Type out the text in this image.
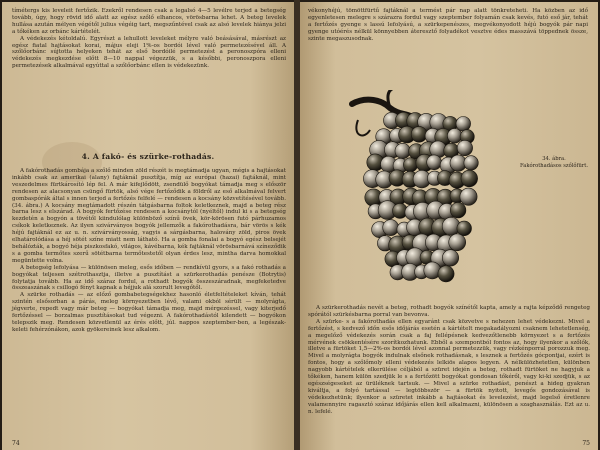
tímétergs kis leveleit fertőzik. Ezekről rendesen csak a legalsó 4—5 levélre terjed a betegség tovább, úgy, hogy rövid idő alatt az egész szőlő elhancos, vörösbarna lehet. A beteg levelek hullása azután mélyen végétől julius végéig tart, megszűntével csak az alsó levelek hiánya jelzi a tőkéken az orbánc kártételét.

A védekezés kétoldalú. Egyrészt a lehullott leveleket mélyre való beásásával, másrészt az egész fiatal hajtásokat korai, május eleji 1%-os bordói lével való permetezésével áll. A szőlőorbánc sújtotta helyeken tehát az első bordóilé permetezést a peronoszpóra elleni védekezés megkezdése előtt 8—10 nappal végezzük, s a későbbi, peronoszpora elleni permetezések alkalmával egyúttal a szőlőorbánc ellen is védekezünk.

4. A fakó- és szürke-rothadás.

A fakórothadás gombája a szőlő minden zöld részét is megtámadja ugyan, mégis a hajtásokat inkább csak az amerikai (alany) fajtáknál pusztítja, míg az európai (hazai) fajtáknál, mint veszedelmes fürtkárosító lép fel. A már kifejlődött, zsendülő bogyókat támadja meg s először rendesen az alacsonyan csüngő fürtök, alsó vége fertőződik a földről az eső alkalmával felvert gombaspórák által s innen terjed a fertőzés felfelé — rendesen a kocsány közvetítésével tovább. (34. ábra.) A kocsány megtámadott részén tátgásbarna foltok keletkeznek, majd a beteg rész barna lesz s elszárad. A bogyók fertőzése rendesen a kocsánytól (nyéltől) indul ki s a betegség kezdetén a bogyón a tövétől kiindulólag különböző színű övek, kör-körösen futó párhuzamos csíkok keletkeznek. Az ilyen szivárványos bogyók jellemzők a fakórothadásra, bár vörös s kék héjú fajtáknál ez az u. n. szivárványosság, vagyis a sárgásbarna, halovány zöld, piros övek elhatárolódása a héj sötét színe miatt nem látható. Ha a gomba fonalai a bogyó egész belsejét behálózták, a bogyó héja piszkosfakó, világos, kávébarna, kék fajtáknál vörösbarnává színeződik s a gomba termőtes szerű sötétbarna termőtestetől olyan érdes lesz, mintha darva homokkal megüntette volna.

A betegség lefolyása — különösen meleg, esős időben — rendkívül gyors, s a fakó rothadás a bogyókat teljesen szétrothasztja, illetve a pusztítást a szürkerothadás penésze (Botrytis) folytatja tovább. Ha az idő száraz fordul, a rothadt bogyók összeszáradnak, megfeketedve összeaszának s csillogó fényt kapnak a héjjuk alá szorult levegőtől.

A szürke rothadás — az előző gombabetegségekhez hasonló életfeltételeket kíván, tehát szintén elsősorban a párás, meleg környezetben lévő, valami okból sérült — molyrágta, jégverte, repedt vagy már beteg — bogyókat támadja meg, majd mérgezéssel, vagy kiterjedő fertőzéssel — borzalmas pusztításokat tud végezni. A fakórothadástól kilendett — bogyókon telepszik meg. Rendesen közvetlenül az érés előtt, júl. nappos szeptember-ben, a legészak-keleti fehérzónákon, azok gyökereinek lesz alkalom.

74

vékonyhéjú, tömöttfürtű fajtáknál a termést pár nap alatt tönkreteheti. Ha közben az idő egyenletesen melegre s szárazra fordul vagy szeptember folyamán csak kevés, futó eső jár, tehát a fertőzés gyenge s lassú lefolyású, a szürkepenészes, megvékonyodott héjú bogyók pár napi gyenge utóérés nélkül könnyebben áteresztő folyadékot vesztve édes masszává töppednek össze, szinte megaszusodnak.

34. ábra.
Fakórothadásos szőlőfürt.

A szürkerothadás nevét a beteg, rothadt bogyók színétől kapta, amely a rajta képződő rengeteg spórától szürkésbarna porral van bevonva.

A szürke- s a fakórothadás ellen egyaránt csak közvetve s nehezen lehet védekezni. Mivel a fertőzést, s kedvező időn esős időjárás esetén a kártételt megakadályozni csaknem lehetetlenség, a megelőző védekezés során csak a faj fellépésnek kedvezőtlenebb környezet s a fertőzés mérvének csökkentésére szorítkozhatunk. Ebből a szempontból fontos az, hogy ilyenkor a szőlők, illetve a fürtöket 1,5—2%-os bordói lével azonnal permetezzük, vagy rézkénporral porozzuk meg. Mivel a molyrágta bogyók indulnak elsőnek rothadásnak, s lesznek a fertőzés gócpontjai, ezért is fontos, hogy a szőlőmoly elleni védekezés lelkiös alapos legyen. A nélkülözhetetlen, különben nagyobb kártételek elkerülése céljából a szüret idején a beteg, rothadt fürtöket ne hagyjuk a tőkéken, hanem külön szedjük le s a fertőzött bogyókat gondosan tőkéről, vagy ki-ki szedjük, s az egészségeseket az ürüléknek tartsuk. — Mivel a szürke rothadást, penészt a hideg gyakran kiváltja, a folyó tartással — legtöbbször — a fürtök nyitott, levegős gondozásával is védekezhetünk; ilyenkor a szüretet inkább a hajtásokat és levelezést, majd legelső éretlenre valamennyire ragasztó száraz időjárás ellen kell alkalmazni, különösen a szaghasználás. Ezt az u. n. lefelé.

75
